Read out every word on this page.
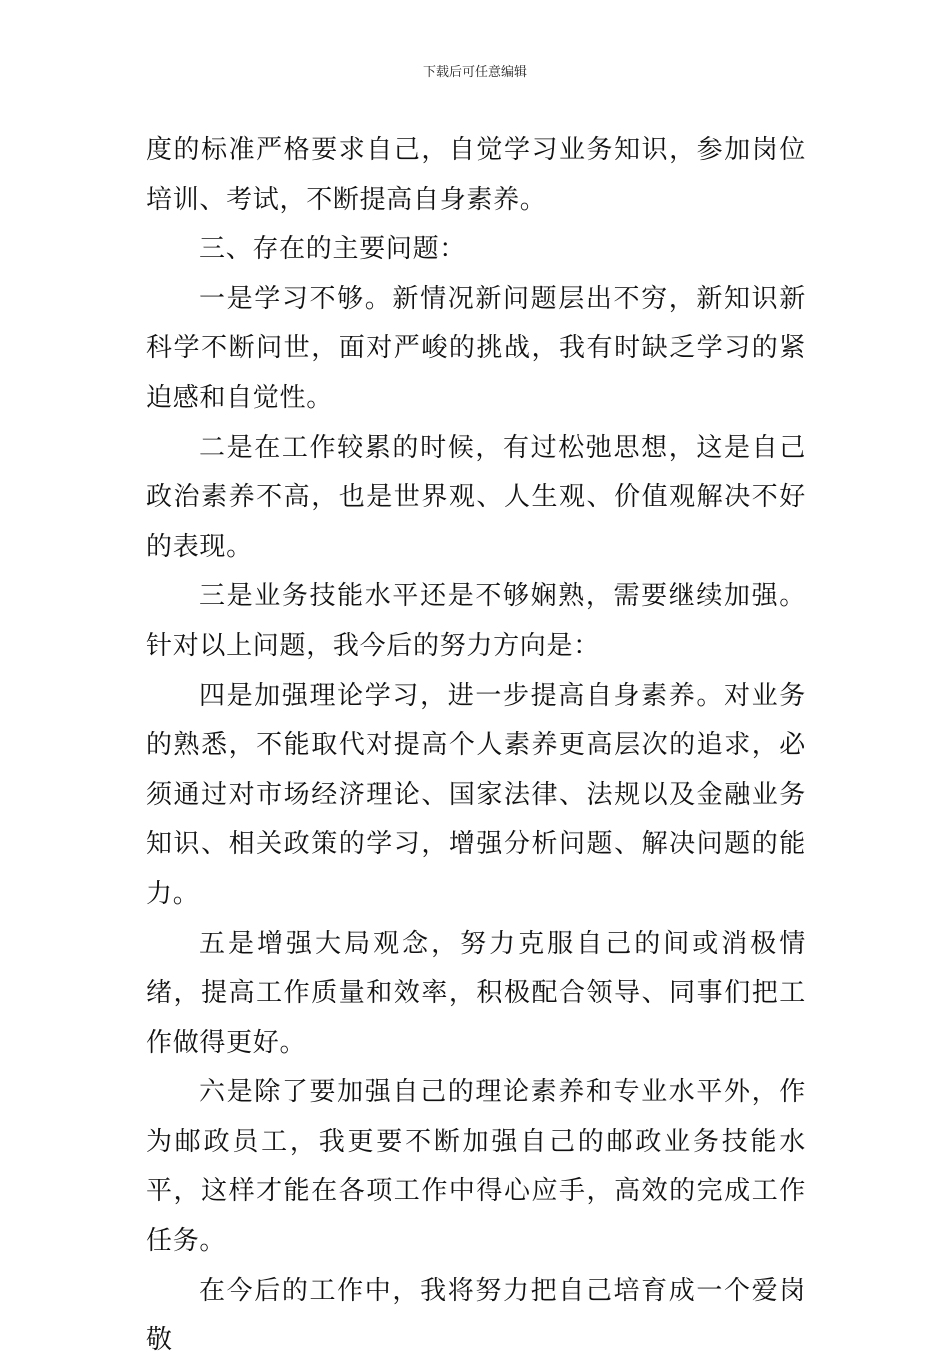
下载后可任意编辑

度的标准严格要求自己，自觉学习业务知识，参加岗位培训、考试，不断提高自身素养。

三、存在的主要问题：

一是学习不够。新情况新问题层出不穷，新知识新科学不断问世，面对严峻的挑战，我有时缺乏学习的紧迫感和自觉性。

二是在工作较累的时候，有过松弛思想，这是自己政治素养不高，也是世界观、人生观、价值观解决不好的表现。

三是业务技能水平还是不够娴熟，需要继续加强。针对以上问题，我今后的努力方向是：

四是加强理论学习，进一步提高自身素养。对业务的熟悉，不能取代对提高个人素养更高层次的追求，必须通过对市场经济理论、国家法律、法规以及金融业务知识、相关政策的学习，增强分析问题、解决问题的能力。

五是增强大局观念，努力克服自己的间或消极情绪，提高工作质量和效率，积极配合领导、同事们把工作做得更好。

六是除了要加强自己的理论素养和专业水平外，作为邮政员工，我更要不断加强自己的邮政业务技能水平，这样才能在各项工作中得心应手，高效的完成工作任务。

在今后的工作中，我将努力把自己培育成一个爱岗敬
